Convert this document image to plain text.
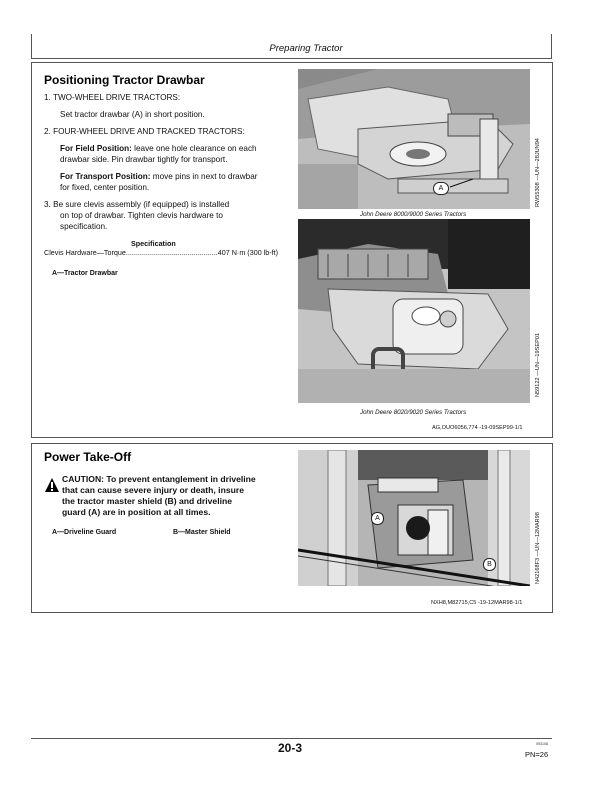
Preparing Tractor
Positioning Tractor Drawbar
1. TWO-WHEEL DRIVE TRACTORS:
Set tractor drawbar (A) in short position.
2. FOUR-WHEEL DRIVE AND TRACKED TRACTORS:
For Field Position: leave one hole clearance on each
drawbar side. Pin drawbar tightly for transport.
For Transport Position: move pins in next to drawbar
for fixed, center position.
3. Be sure clevis assembly (if equipped) is installed
on top of drawbar. Tighten clevis hardware to
specification.
Specification
Clevis Hardware—Torque..............................................407 N·m (300 lb-ft)
A—Tractor Drawbar
A
John Deere 8000/9000 Series Tractors
RW55308 —UN—28JUN94
John Deere 8020/9020 Series Tractors
N59122 —UN—19SEP01
AG,OUO6056,774 -19-09SEP99-1/1
Power Take-Off
CAUTION: To prevent entanglement in driveline
that can cause severe injury or death, insure
the tractor master shield (B) and driveline
guard (A) are in position at all times.
A—Driveline Guard	B—Master Shield
A
B	N42168F3 —UN—12MAR98
NXH8,M82715,C5 -19-12MAR98-1/1
20-3	093108
PN=26
